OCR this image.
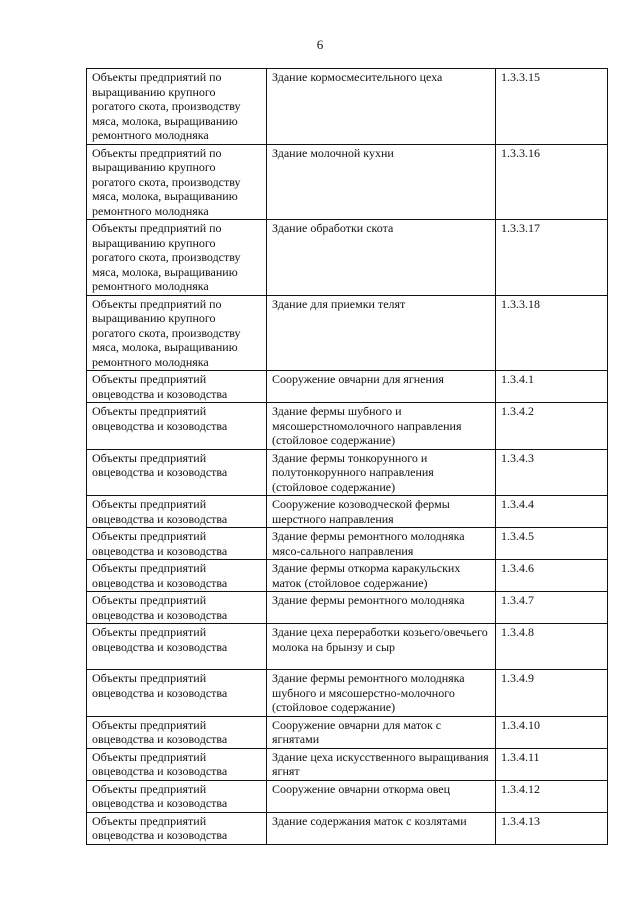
6
Объекты предприятий по выращиванию крупного рогатого скота, производству мяса, молока, выращиванию ремонтного молодняка	Здание кормосмесительного цеха	1.3.3.15
Объекты предприятий по выращиванию крупного рогатого скота, производству мяса, молока, выращиванию ремонтного молодняка	Здание молочной кухни	1.3.3.16
Объекты предприятий по выращиванию крупного рогатого скота, производству мяса, молока, выращиванию ремонтного молодняка	Здание обработки скота	1.3.3.17
Объекты предприятий по выращиванию крупного рогатого скота, производству мяса, молока, выращиванию ремонтного молодняка	Здание для приемки телят	1.3.3.18
Объекты предприятий овцеводства и козоводства	Сооружение овчарни для ягнения	1.3.4.1
Объекты предприятий овцеводства и козоводства	Здание фермы шубного и мясошерстномолочного направления (стойловое содержание)	1.3.4.2
Объекты предприятий овцеводства и козоводства	Здание фермы тонкорунного и полутонкорунного направления (стойловое содержание)	1.3.4.3
Объекты предприятий овцеводства и козоводства	Сооружение козоводческой фермы шерстного направления	1.3.4.4
Объекты предприятий овцеводства и козоводства	Здание фермы ремонтного молодняка мясо-сального направления	1.3.4.5
Объекты предприятий овцеводства и козоводства	Здание фермы откорма каракульских маток (стойловое содержание)	1.3.4.6
Объекты предприятий овцеводства и козоводства	Здание фермы ремонтного молодняка	1.3.4.7
Объекты предприятий овцеводства и козоводства	Здание цеха переработки козьего/овечьего молока на брынзу и сыр	1.3.4.8
Объекты предприятий овцеводства и козоводства	Здание фермы ремонтного молодняка шубного и мясошерстно-молочного (стойловое содержание)	1.3.4.9
Объекты предприятий овцеводства и козоводства	Сооружение овчарни для маток с ягнятами	1.3.4.10
Объекты предприятий овцеводства и козоводства	Здание цеха искусственного выращивания ягнят	1.3.4.11
Объекты предприятий овцеводства и козоводства	Сооружение овчарни откорма овец	1.3.4.12
Объекты предприятий овцеводства и козоводства	Здание содержания маток с козлятами	1.3.4.13
